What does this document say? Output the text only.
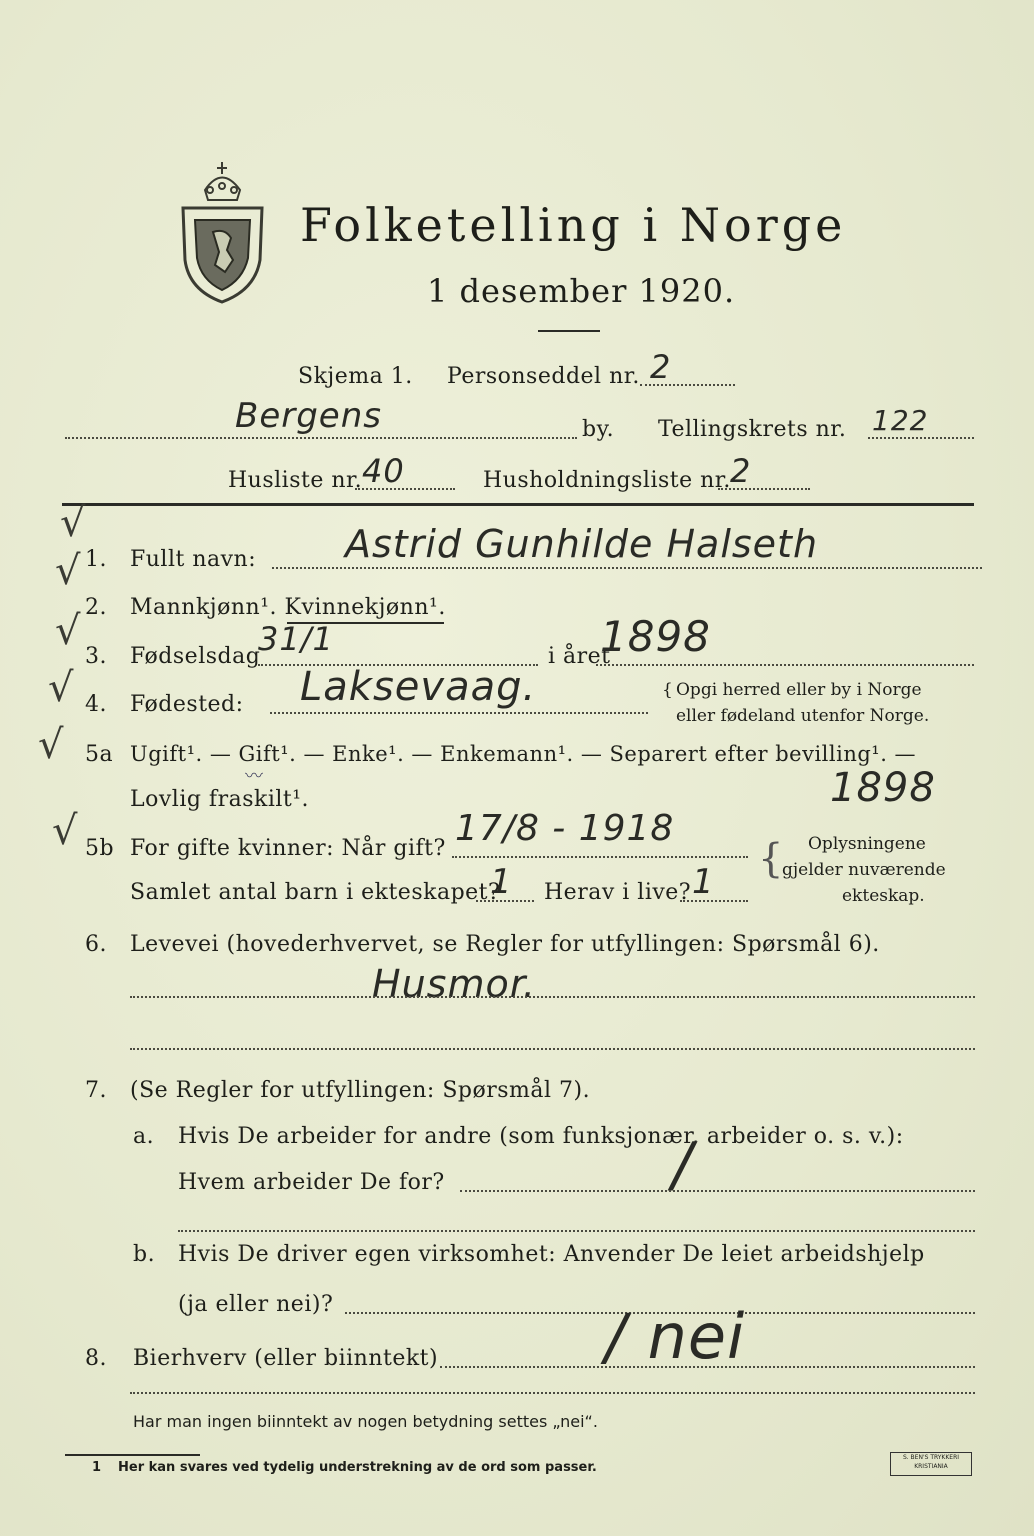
Folketelling i Norge
1 desember 1920.
Skjema 1. Personseddel nr. 2
Bergens	by. Tellingskrets nr. 122
Husliste nr. 40	Husholdningsliste nr. 2
√
√
√
√
√
√
1. Fullt navn: Astrid Gunhilde Halseth
2. Mannkjønn¹. Kvinnekjønn¹.
3. Fødselsdag
31/1	i året
1898
4. Fødested: Laksevaag.	{ Opgi herred eller by i Norge
eller fødeland utenfor Norge.
5a Ugift¹. — Gift¹. — Enke¹. — Enkemann¹. — Separert efter bevilling¹. —
〰
Lovlig fraskilt¹.	1898
5b For gifte kvinner: Når gift? 17/8 - 1918
Samlet antal barn i ekteskapet?
1 Herav i live? 1 { Oplysningene
gjelder nuværende
ekteskap.
6. Levevei (hovederhvervet, se Regler for utfyllingen: Spørsmål 6).
Husmor.
7. (Se Regler for utfyllingen: Spørsmål 7).
a. Hvis De arbeider for andre (som funksjonær, arbeider o. s. v.):
Hvem arbeider De for?	/
b. Hvis De driver egen virksomhet: Anvender De leiet arbeidshjelp
(ja eller nei)?
8. Bierhverv (eller biinntekt)	/ nei
Har man ingen biinntekt av nogen betydning settes „nei“.
1 Her kan svares ved tydelig understrekning av de ord som passer.
S. BEN'S TRYKKERI KRISTIANIA
